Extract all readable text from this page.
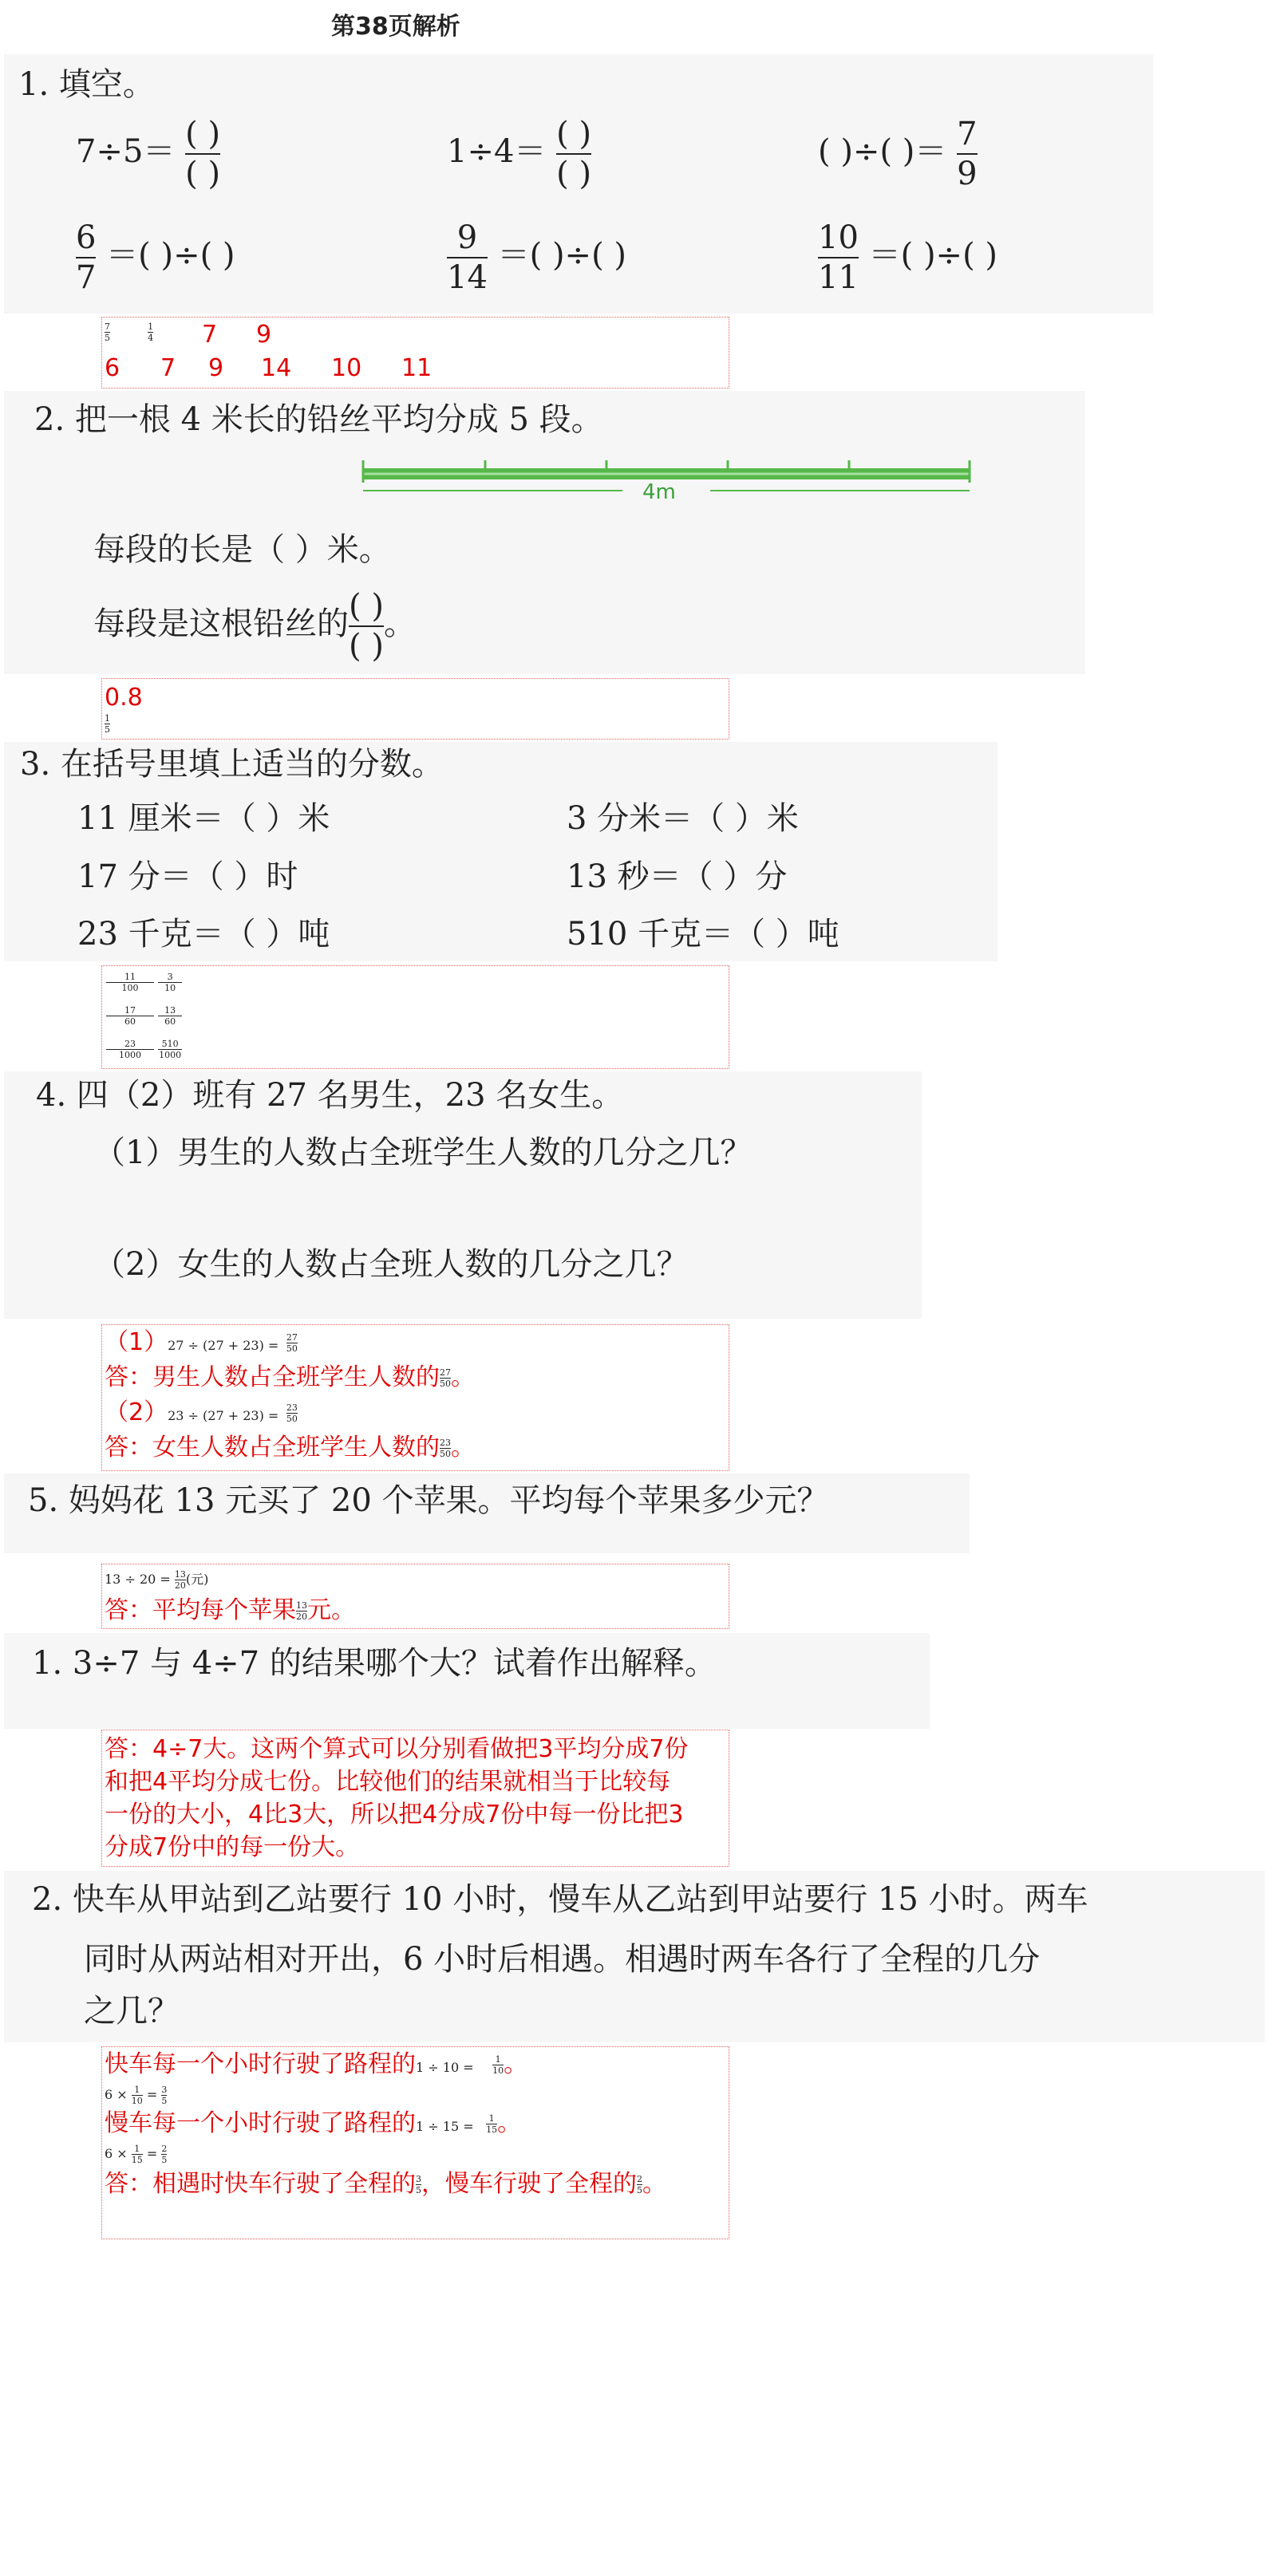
第38页解析
1. 填空。
$7\div 5= \frac{( )}{( )}$	$1\div 4= \frac{( )}{( )}$	( )÷( )＝ $\frac{7}{9}$
$\frac{6}{7}$ ＝( )÷( )	$\frac{9}{14}$ ＝( )÷( )	$\frac{10}{11}$ ＝( )÷( )
$\frac{7}{5}$	$\frac{1}{4} 7$ 9
6 7 9 14 10 11
2. 把一根 4 米长的铅丝平均分成 5 段。
4m
每段的长是（ ）米。
每段是这根铅丝的 $\frac{( )}{( )}$ 。
0.8
$\frac{1}{5}$
3. 在括号里填上适当的分数。
11 厘米＝（ ）米	3 分米＝（ ）米
17 分＝（ ）时	13 秒＝（ ）分
23 千克＝（ ）吨	510 千克＝（ ）吨
$\frac{11}{100} \frac{3}{10}$
$\frac{17}{60} \frac{13}{60}$
$\frac{23}{1000} \frac{510}{1000}$
4. 四（2）班有 27 名男生，23 名女生。
（1）男生的人数占全班学生人数的几分之几？
（2）女生的人数占全班人数的几分之几？
$(1)27 \div (27 + 23) = \frac{27}{50}$
答：男生人数占全班学生人数的$\frac{27}{50}$。
$(2)23 \div (27 + 23) = \frac{23}{50}$
答：女生人数占全班学生人数的$\frac{23}{50}$。
5. 妈妈花 13 元买了 20 个苹果。平均每个苹果多少元？
$13 \div 20 = \frac{13}{20}$(元)
答：平均每个苹果$\frac{13}{20}$元。
1. 3÷7 与 4÷7 的结果哪个大？试着作出解释。
答：4÷7大。这两个算式可以分别看做把3平均分成7份
和把4平均分成七份。比较他们的结果就相当于比较每
一份的大小，4比3大，所以把4分成7份中每一份比把3
分成7份中的每一份大。
2. 快车从甲站到乙站要行 10 小时，慢车从乙站到甲站要行 15 小时。两车
同时从两站相对开出，6 小时后相遇。相遇时两车各行了全程的几分
之几？
快车每一个小时行驶了路程的$1 \div 10 = \frac{1}{10}$。
$6 \times \frac{1}{10} = \frac{3}{5}$
慢车每一个小时行驶了路程的$1 \div 15 = \frac{1}{15}$。
$6 \times \frac{1}{15} = \frac{2}{5}$
答：相遇时快车行驶了全程的$\frac{3}{5}$，慢车行驶了全程的$\frac{2}{5}$。
